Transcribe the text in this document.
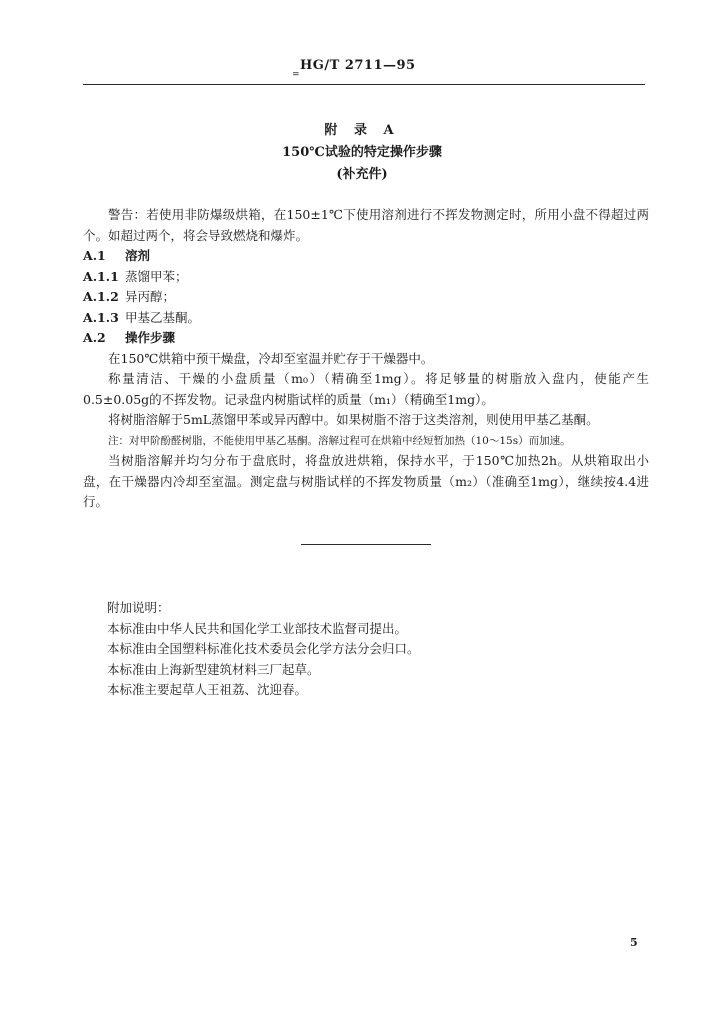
HG/T 2711—95
=
附 录 A
150℃试验的特定操作步骤
(补充件)

警告：若使用非防爆级烘箱，在150±1℃下使用溶剂进行不挥发物测定时，所用小盘不得超过两个。如超过两个，将会导致燃烧和爆炸。

A.1 溶剂

A.1.1 蒸馏甲苯；

A.1.2 异丙醇；

A.1.3 甲基乙基酮。

A.2 操作步骤

在150℃烘箱中预干燥盘，冷却至室温并贮存于干燥器中。

称量清洁、干燥的小盘质量（m₀）（精确至1mg）。将足够量的树脂放入盘内，使能产生0.5±0.05g的不挥发物。记录盘内树脂试样的质量（m₁）（精确至1mg）。

将树脂溶解于5mL蒸馏甲苯或异丙醇中。如果树脂不溶于这类溶剂，则使用甲基乙基酮。

注：对甲阶酚醛树脂，不能使用甲基乙基酮。溶解过程可在烘箱中经短暂加热（10～15s）而加速。

当树脂溶解并均匀分布于盘底时，将盘放进烘箱，保持水平，于150℃加热2h。从烘箱取出小盘，在干燥器内冷却至室温。测定盘与树脂试样的不挥发物质量（m₂）（准确至1mg），继续按4.4进行。

附加说明：
本标准由中华人民共和国化学工业部技术监督司提出。
本标准由全国塑料标准化技术委员会化学方法分会归口。
本标准由上海新型建筑材料三厂起草。
本标准主要起草人王祖荔、沈迎春。
5
